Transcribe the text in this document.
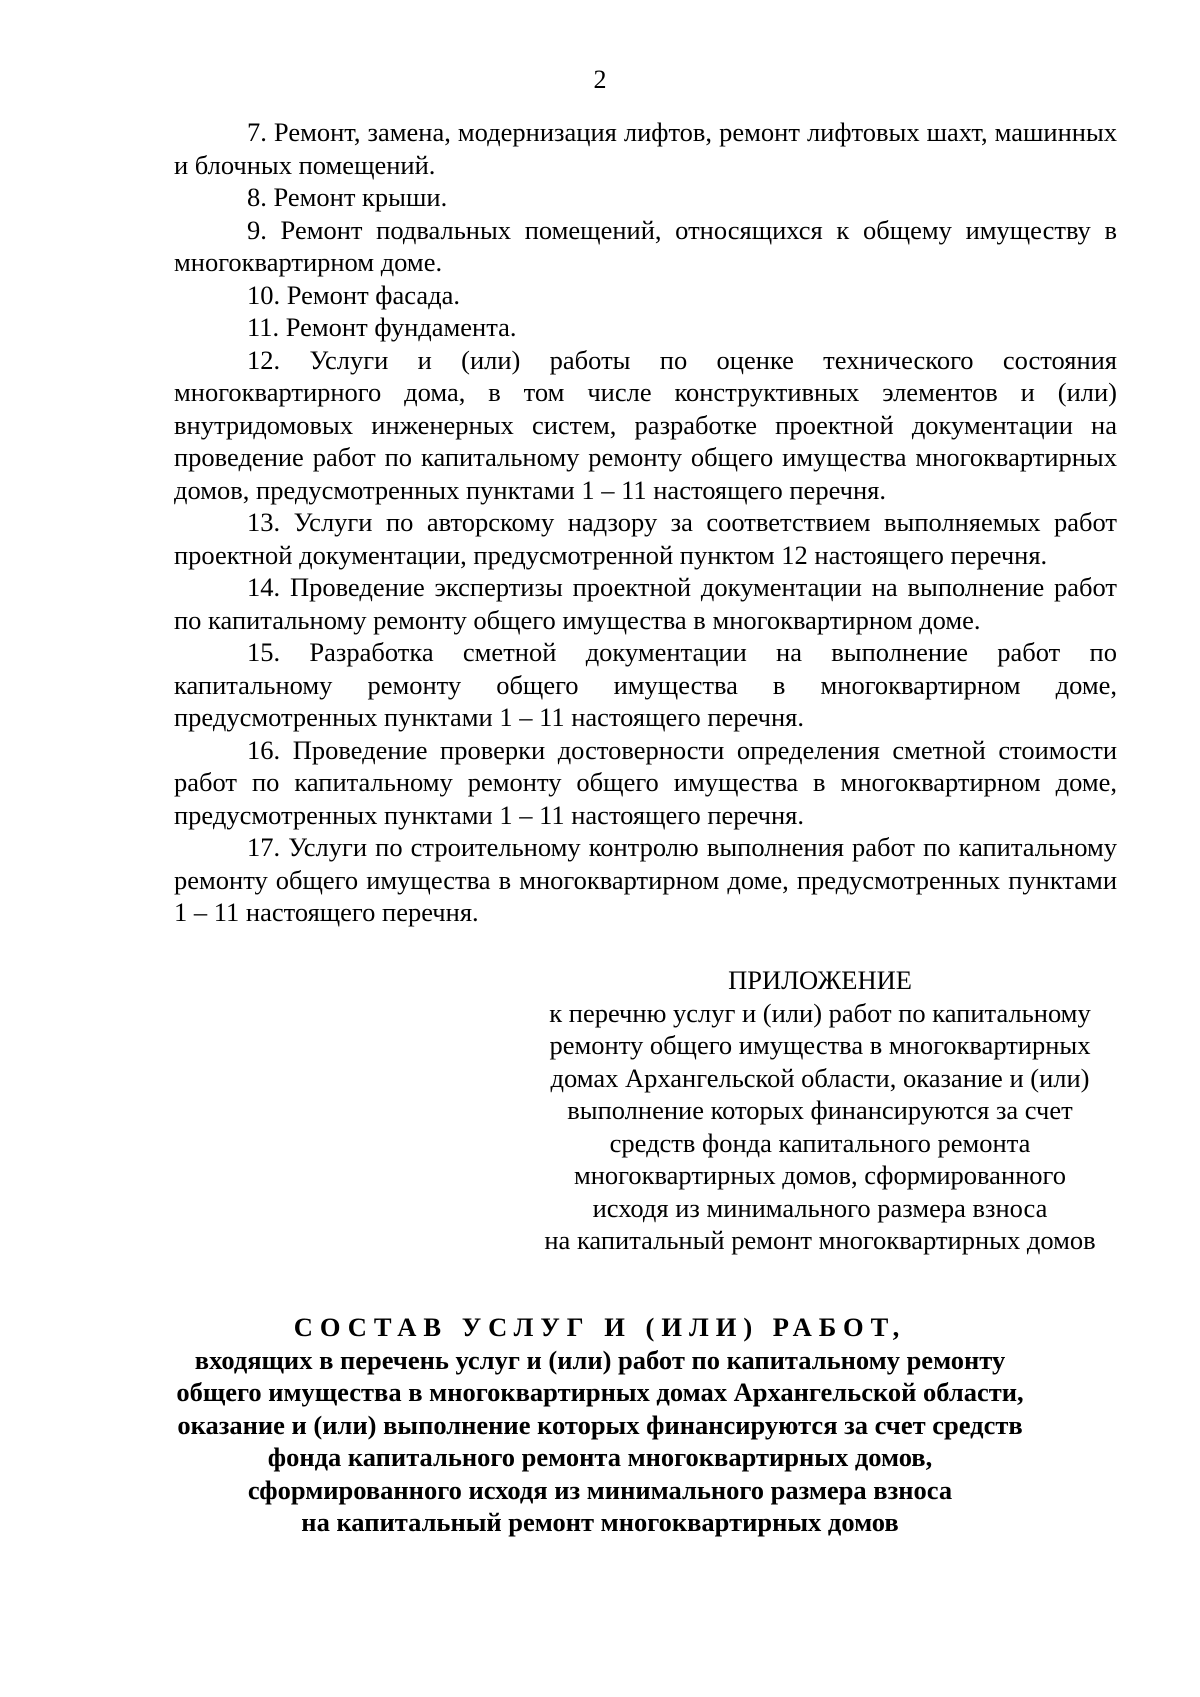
2

7. Ремонт, замена, модернизация лифтов, ремонт лифтовых шахт, машинных и блочных помещений.

8. Ремонт крыши.

9. Ремонт подвальных помещений, относящихся к общему имуществу в многоквартирном доме.

10. Ремонт фасада.

11. Ремонт фундамента.

12. Услуги и (или) работы по оценке технического состояния многоквартирного дома, в том числе конструктивных элементов и (или) внутридомовых инженерных систем, разработке проектной документации на проведение работ по капитальному ремонту общего имущества многоквартирных домов, предусмотренных пунктами 1 – 11 настоящего перечня.

13. Услуги по авторскому надзору за соответствием выполняемых работ проектной документации, предусмотренной пунктом 12 настоящего перечня.

14. Проведение экспертизы проектной документации на выполнение работ по капитальному ремонту общего имущества в многоквартирном доме.

15. Разработка сметной документации на выполнение работ по капитальному ремонту общего имущества в многоквартирном доме, предусмотренных пунктами 1 – 11 настоящего перечня.

16. Проведение проверки достоверности определения сметной стоимости работ по капитальному ремонту общего имущества в многоквартирном доме, предусмотренных пунктами 1 – 11 настоящего перечня.

17. Услуги по строительному контролю выполнения работ по капитальному ремонту общего имущества в многоквартирном доме, предусмотренных пунктами 1 – 11 настоящего перечня.

ПРИЛОЖЕНИЕ

к перечню услуг и (или) работ по капитальному

ремонту общего имущества в многоквартирных

домах Архангельской области, оказание и (или)

выполнение которых финансируются за счет

средств фонда капитального ремонта

многоквартирных домов, сформированного

исходя из минимального размера взноса

на капитальный ремонт многоквартирных домов

СОСТАВ УСЛУГ И (ИЛИ) РАБОТ,

входящих в перечень услуг и (или) работ по капитальному ремонту

общего имущества в многоквартирных домах Архангельской области,

оказание и (или) выполнение которых финансируются за счет средств

фонда капитального ремонта многоквартирных домов,

сформированного исходя из минимального размера взноса

на капитальный ремонт многоквартирных домов
